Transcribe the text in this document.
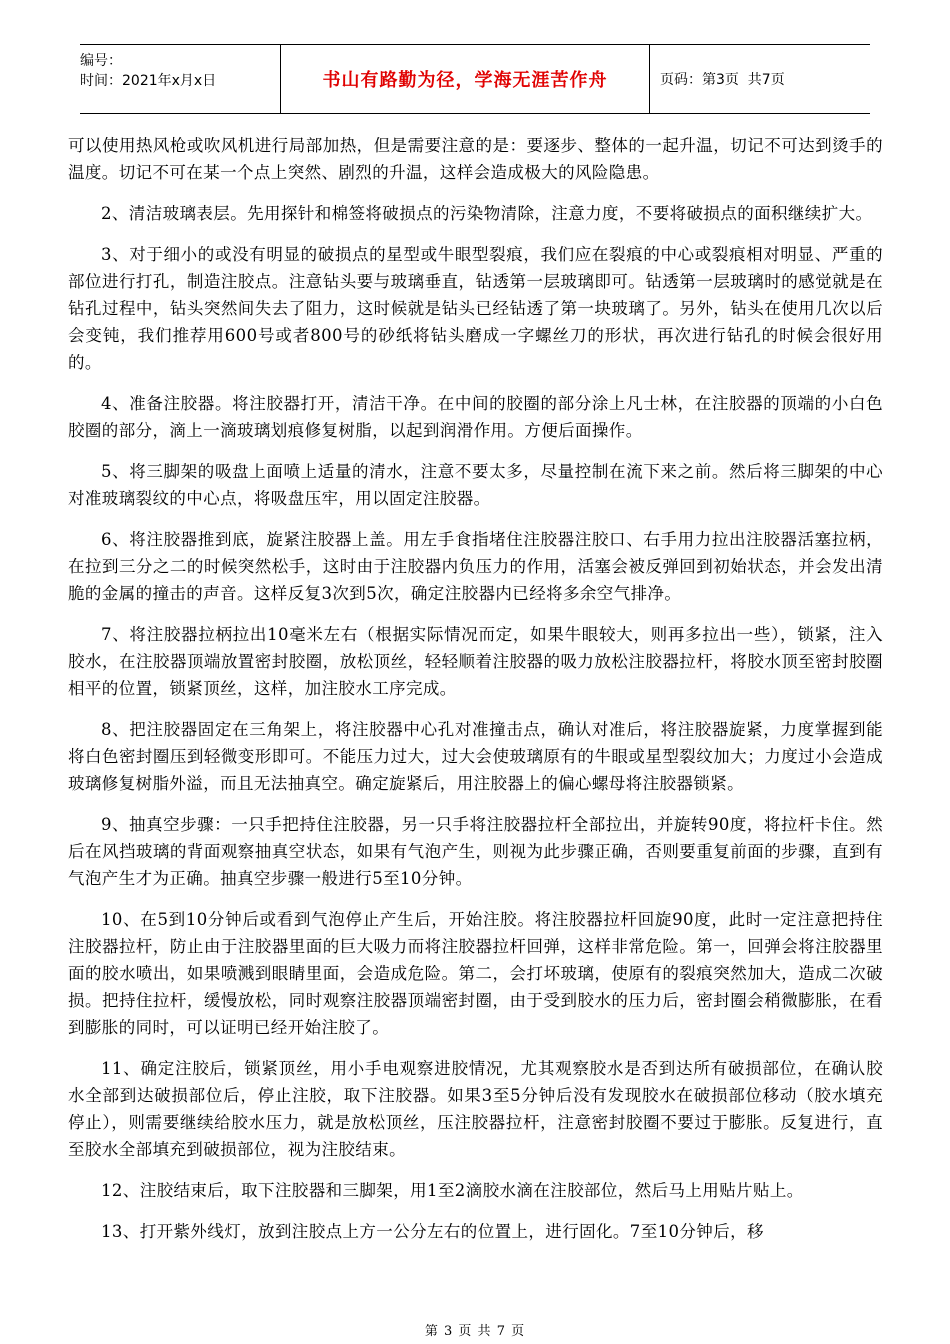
编号：
时间：2021年x月x日	书山有路勤为径，学海无涯苦作舟	页码：第3页  共7页

可以使用热风枪或吹风机进行局部加热，但是需要注意的是：要逐步、整体的一起升温，切记不可达到烫手的温度。切记不可在某一个点上突然、剧烈的升温，这样会造成极大的风险隐患。

2、清洁玻璃表层。先用探针和棉签将破损点的污染物清除，注意力度，不要将破损点的面积继续扩大。

3、对于细小的或没有明显的破损点的星型或牛眼型裂痕，我们应在裂痕的中心或裂痕相对明显、严重的部位进行打孔，制造注胶点。注意钻头要与玻璃垂直，钻透第一层玻璃即可。钻透第一层玻璃时的感觉就是在钻孔过程中，钻头突然间失去了阻力，这时候就是钻头已经钻透了第一块玻璃了。另外，钻头在使用几次以后会变钝，我们推荐用600号或者800号的砂纸将钻头磨成一字螺丝刀的形状，再次进行钻孔的时候会很好用的。

4、准备注胶器。将注胶器打开，清洁干净。在中间的胶圈的部分涂上凡士林，在注胶器的顶端的小白色胶圈的部分，滴上一滴玻璃划痕修复树脂，以起到润滑作用。方便后面操作。

5、将三脚架的吸盘上面喷上适量的清水，注意不要太多，尽量控制在流下来之前。然后将三脚架的中心对准玻璃裂纹的中心点，将吸盘压牢，用以固定注胶器。

6、将注胶器推到底，旋紧注胶器上盖。用左手食指堵住注胶器注胶口、右手用力拉出注胶器活塞拉柄，在拉到三分之二的时候突然松手，这时由于注胶器内负压力的作用，活塞会被反弹回到初始状态，并会发出清脆的金属的撞击的声音。这样反复3次到5次，确定注胶器内已经将多余空气排净。

7、将注胶器拉柄拉出10毫米左右（根据实际情况而定，如果牛眼较大，则再多拉出一些），锁紧，注入胶水，在注胶器顶端放置密封胶圈，放松顶丝，轻轻顺着注胶器的吸力放松注胶器拉杆，将胶水顶至密封胶圈相平的位置，锁紧顶丝，这样，加注胶水工序完成。

8、把注胶器固定在三角架上，将注胶器中心孔对准撞击点，确认对准后，将注胶器旋紧，力度掌握到能将白色密封圈压到轻微变形即可。不能压力过大，过大会使玻璃原有的牛眼或星型裂纹加大；力度过小会造成玻璃修复树脂外溢，而且无法抽真空。确定旋紧后，用注胶器上的偏心螺母将注胶器锁紧。

9、抽真空步骤：一只手把持住注胶器，另一只手将注胶器拉杆全部拉出，并旋转90度，将拉杆卡住。然后在风挡玻璃的背面观察抽真空状态，如果有气泡产生，则视为此步骤正确，否则要重复前面的步骤，直到有气泡产生才为正确。抽真空步骤一般进行5至10分钟。

10、在5到10分钟后或看到气泡停止产生后，开始注胶。将注胶器拉杆回旋90度，此时一定注意把持住注胶器拉杆，防止由于注胶器里面的巨大吸力而将注胶器拉杆回弹，这样非常危险。第一，回弹会将注胶器里面的胶水喷出，如果喷溅到眼睛里面，会造成危险。第二，会打坏玻璃，使原有的裂痕突然加大，造成二次破损。把持住拉杆，缓慢放松，同时观察注胶器顶端密封圈，由于受到胶水的压力后，密封圈会稍微膨胀，在看到膨胀的同时，可以证明已经开始注胶了。

11、确定注胶后，锁紧顶丝，用小手电观察进胶情况，尤其观察胶水是否到达所有破损部位，在确认胶水全部到达破损部位后，停止注胶，取下注胶器。如果3至5分钟后没有发现胶水在破损部位移动（胶水填充停止），则需要继续给胶水压力，就是放松顶丝，压注胶器拉杆，注意密封胶圈不要过于膨胀。反复进行，直至胶水全部填充到破损部位，视为注胶结束。

12、注胶结束后，取下注胶器和三脚架，用1至2滴胶水滴在注胶部位，然后马上用贴片贴上。

13、打开紫外线灯，放到注胶点上方一公分左右的位置上，进行固化。7至10分钟后，移

第 3 页 共 7 页
